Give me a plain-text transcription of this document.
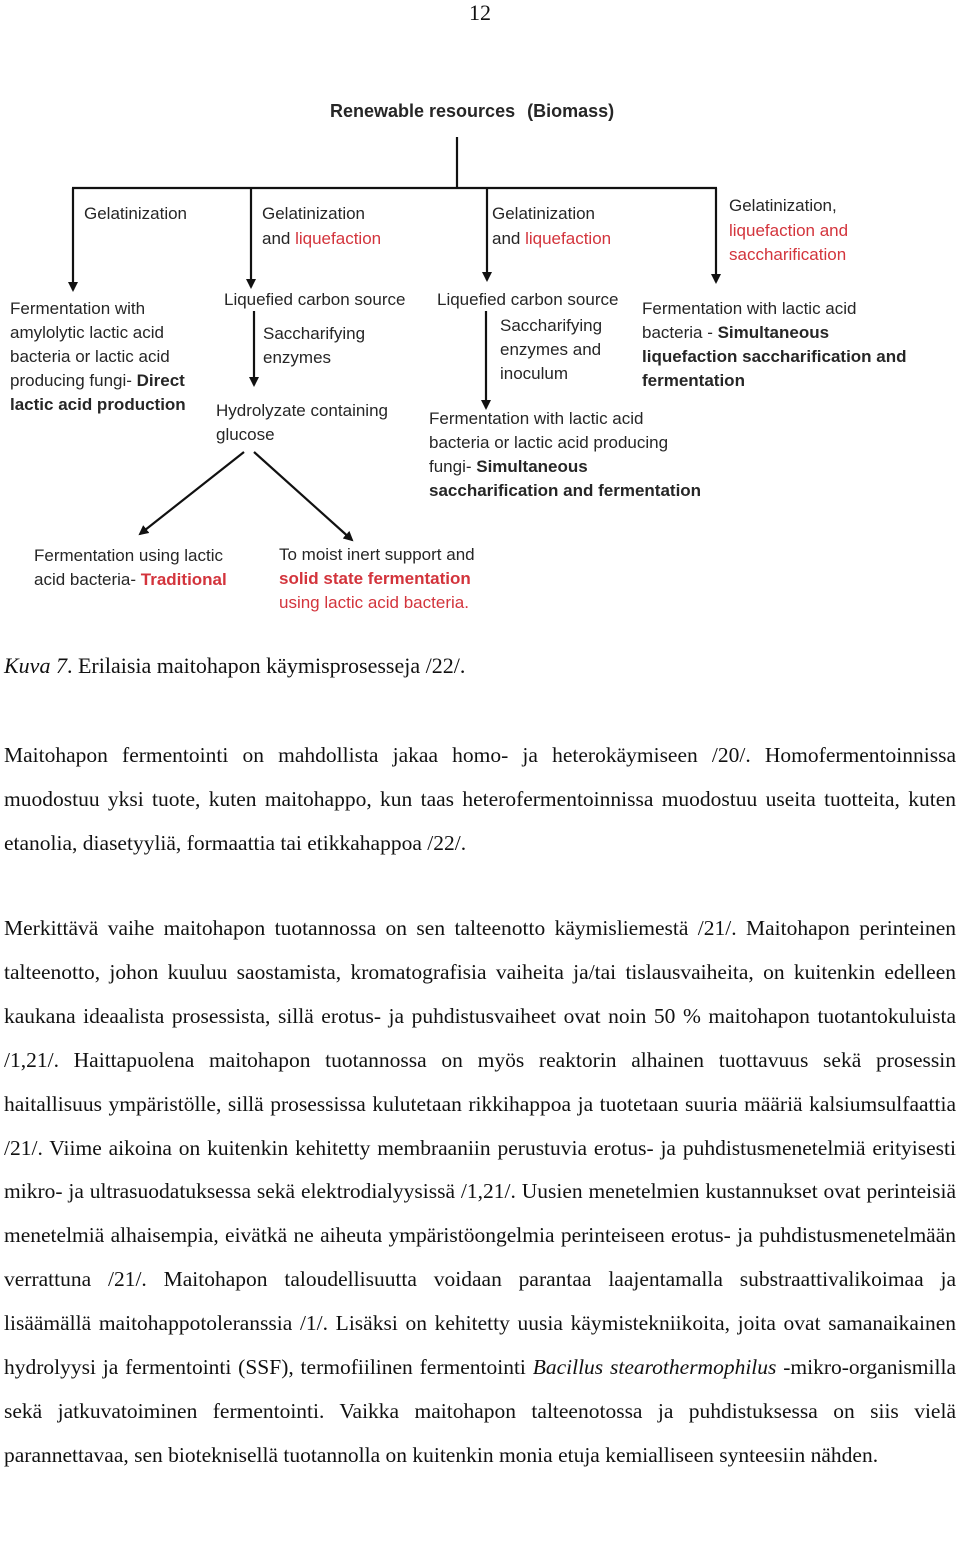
12
Renewable resources (Biomass)
Gelatinization
Fermentation with
amylolytic lactic acid
bacteria or lactic acid
producing fungi- Direct
lactic acid production
Gelatinization
and liquefaction
Liquefied carbon source
Saccharifying
enzymes
Hydrolyzate containing
glucose
Fermentation using lactic
acid bacteria- Traditional
To moist inert support and
solid state fermentation
using lactic acid bacteria.
Gelatinization
and liquefaction
Liquefied carbon source
Saccharifying
enzymes and
inoculum
Fermentation with lactic acid
bacteria or lactic acid producing
fungi- Simultaneous
saccharification and fermentation
Gelatinization,
liquefaction and
saccharification
Fermentation with lactic acid
bacteria - Simultaneous
liquefaction saccharification and
fermentation

Kuva 7. Erilaisia maitohapon käymisprosesseja /22/.

Maitohapon fermentointi on mahdollista jakaa homo- ja heterokäymiseen /20/. Homofermentoinnissa muodostuu yksi tuote, kuten maitohappo, kun taas heterofermentoinnissa muodostuu useita tuotteita, kuten etanolia, diasetyyliä, formaattia tai etikkahappoa /22/.

Merkittävä vaihe maitohapon tuotannossa on sen talteenotto käymisliemestä /21/. Maitohapon perinteinen talteenotto, johon kuuluu saostamista, kromatografisia vaiheita ja/tai tislausvaiheita, on kuitenkin edelleen kaukana ideaalista prosessista, sillä erotus- ja puhdistusvaiheet ovat noin 50 % maitohapon tuotantokuluista /1,21/. Haittapuolena maitohapon tuotannossa on myös reaktorin alhainen tuottavuus sekä prosessin haitallisuus ympäristölle, sillä prosessissa kulutetaan rikkihappoa ja tuotetaan suuria määriä kalsiumsulfaattia /21/. Viime aikoina on kuitenkin kehitetty membraaniin perustuvia erotus- ja puhdistusmenetelmiä erityisesti mikro- ja ultrasuodatuksessa sekä elektrodialyysissä /1,21/. Uusien menetelmien kustannukset ovat perinteisiä menetelmiä alhaisempia, eivätkä ne aiheuta ympäristöongelmia perinteiseen erotus- ja puhdistusmenetelmään verrattuna /21/. Maitohapon taloudellisuutta voidaan parantaa laajentamalla substraattivalikoimaa ja lisäämällä maitohappotoleranssia /1/. Lisäksi on kehitetty uusia käymistekniikoita, joita ovat samanaikainen hydrolyysi ja fermentointi (SSF), termofiilinen fermentointi Bacillus stearothermophilus -mikro-organismilla sekä jatkuvatoiminen fermentointi. Vaikka maitohapon talteenotossa ja puhdistuksessa on siis vielä parannettavaa, sen bioteknisellä tuotannolla on kuitenkin monia etuja kemialliseen synteesiin nähden.
